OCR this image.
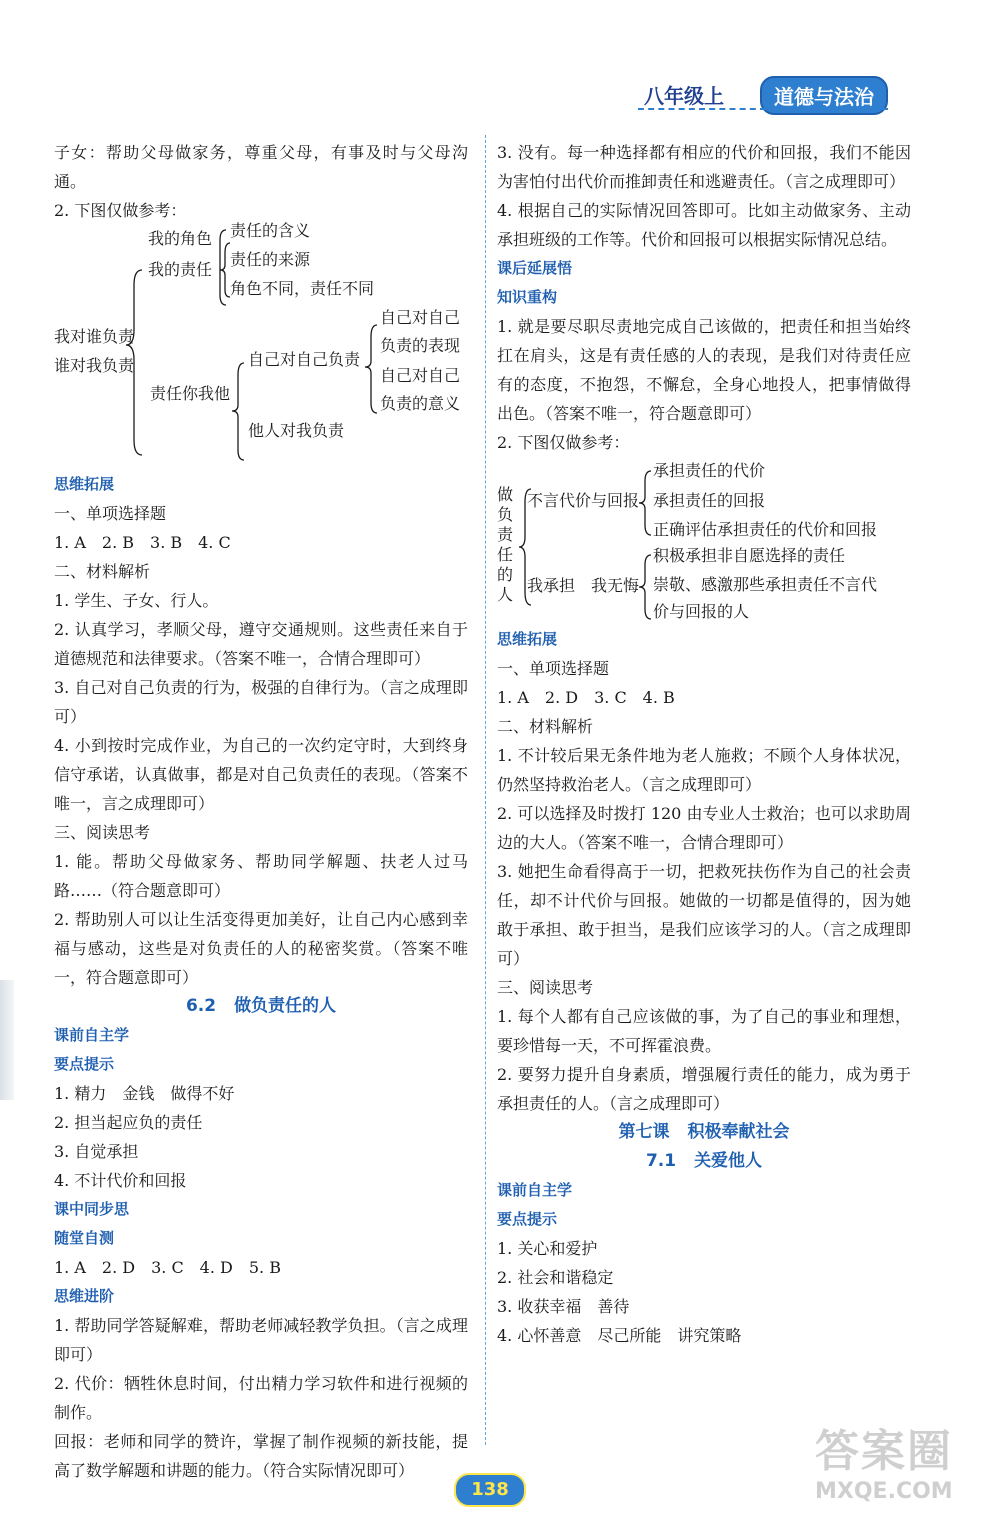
八年级上	道德与法治

子女：帮助父母做家务，尊重父母，有事及时与父母沟通。

2. 下图仅做参考：

我对谁负责
谁对我负责
我的角色
我的责任
责任的含义
责任的来源
角色不同，责任不同
责任你我他
自己对自己负责
他人对我负责
自己对自己
负责的表现
自己对自己
负责的意义

思维拓展

一、单项选择题

1. A　2. B　3. B　4. C

二、材料解析

1. 学生、子女、行人。

2. 认真学习，孝顺父母，遵守交通规则。这些责任来自于道德规范和法律要求。（答案不唯一，合情合理即可）

3. 自己对自己负责的行为，极强的自律行为。（言之成理即可）

4. 小到按时完成作业，为自己的一次约定守时，大到终身信守承诺，认真做事，都是对自己负责任的表现。（答案不唯一，言之成理即可）

三、阅读思考

1. 能。帮助父母做家务、帮助同学解题、扶老人过马路……（符合题意即可）

2. 帮助别人可以让生活变得更加美好，让自己内心感到幸福与感动，这些是对负责任的人的秘密奖赏。（答案不唯一，符合题意即可）

6.2 做负责任的人

课前自主学

要点提示

1. 精力　金钱　做得不好

2. 担当起应负的责任

3. 自觉承担

4. 不计代价和回报

课中同步思

随堂自测

1. A　2. D　3. C　4. D　5. B

思维进阶

1. 帮助同学答疑解难，帮助老师减轻教学负担。（言之成理即可）

2. 代价：牺牲休息时间，付出精力学习软件和进行视频的制作。

回报：老师和同学的赞许，掌握了制作视频的新技能，提高了数学解题和讲题的能力。（符合实际情况即可）

3. 没有。每一种选择都有相应的代价和回报，我们不能因为害怕付出代价而推卸责任和逃避责任。（言之成理即可）

4. 根据自己的实际情况回答即可。比如主动做家务、主动承担班级的工作等。代价和回报可以根据实际情况总结。

课后延展悟

知识重构

1. 就是要尽职尽责地完成自己该做的，把责任和担当始终扛在肩头，这是有责任感的人的表现，是我们对待责任应有的态度，不抱怨，不懈怠，全身心地投人，把事情做得出色。（答案不唯一，符合题意即可）

2. 下图仅做参考：

做负责任的人
不言代价与回报
承担责任的代价
承担责任的回报
正确评估承担责任的代价和回报
我承担　我无悔
积极承担非自愿选择的责任
崇敬、感激那些承担责任不言代
价与回报的人

思维拓展

一、单项选择题

1. A　2. D　3. C　4. B

二、材料解析

1. 不计较后果无条件地为老人施救；不顾个人身体状况，仍然坚持救治老人。（言之成理即可）

2. 可以选择及时拨打 120 由专业人士救治；也可以求助周边的大人。（答案不唯一，合情合理即可）

3. 她把生命看得高于一切，把救死扶伤作为自己的社会责任，却不计代价与回报。她做的一切都是值得的，因为她敢于承担、敢于担当，是我们应该学习的人。（言之成理即可）

三、阅读思考

1. 每个人都有自己应该做的事，为了自己的事业和理想，要珍惜每一天，不可挥霍浪费。

2. 要努力提升自身素质，增强履行责任的能力，成为勇于承担责任的人。（言之成理即可）

第七课 积极奉献社会

7.1 关爱他人

课前自主学

要点提示

1. 关心和爱护

2. 社会和谐稳定

3. 收获幸福　善待

4. 心怀善意　尽己所能　讲究策略

138
答案圈
MXQE.COM
